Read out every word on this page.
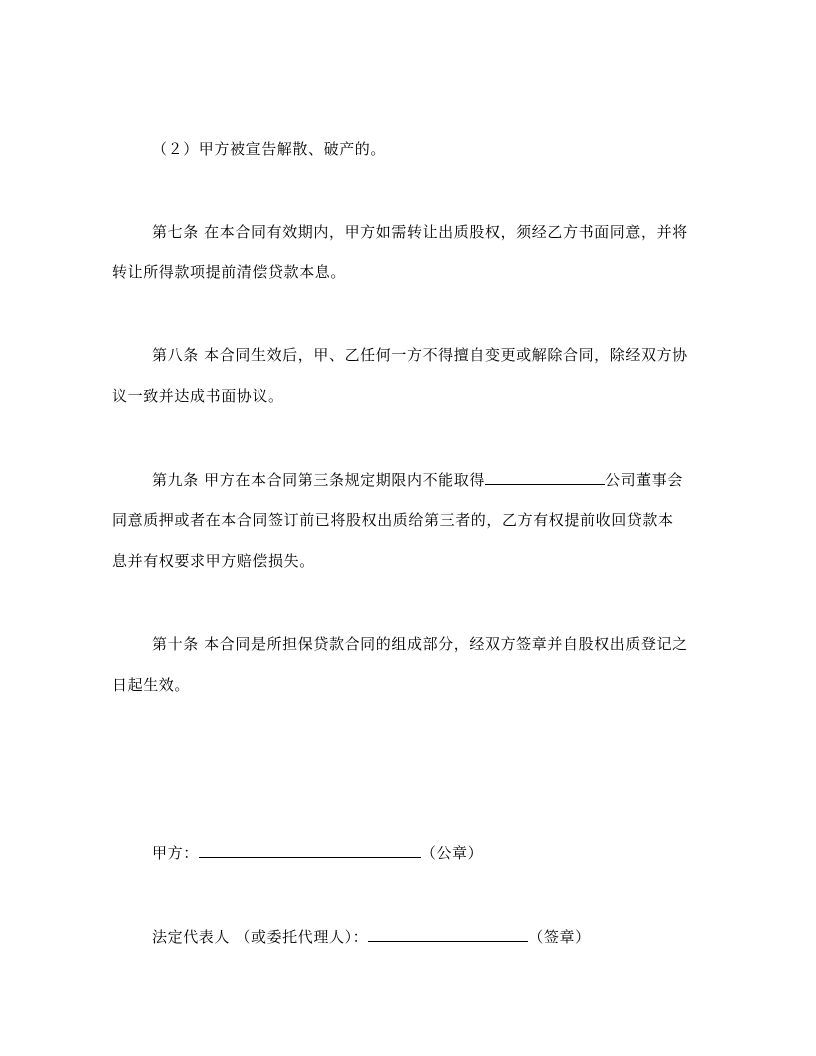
（２）甲方被宣告解散、破产的。
第七条 在本合同有效期内，甲方如需转让出质股权，须经乙方书面同意，并将
转让所得款项提前清偿贷款本息。
第八条 本合同生效后，甲、乙任何一方不得擅自变更或解除合同，除经双方协
议一致并达成书面协议。
第九条 甲方在本合同第三条规定期限内不能取得	公司董事会
同意质押或者在本合同签订前已将股权出质给第三者的，乙方有权提前收回贷款本
息并有权要求甲方赔偿损失。
第十条 本合同是所担保贷款合同的组成部分，经双方签章并自股权出质登记之
日起生效。
甲方：	（公章）
法定代表人 （或委托代理人）：	（签章）
